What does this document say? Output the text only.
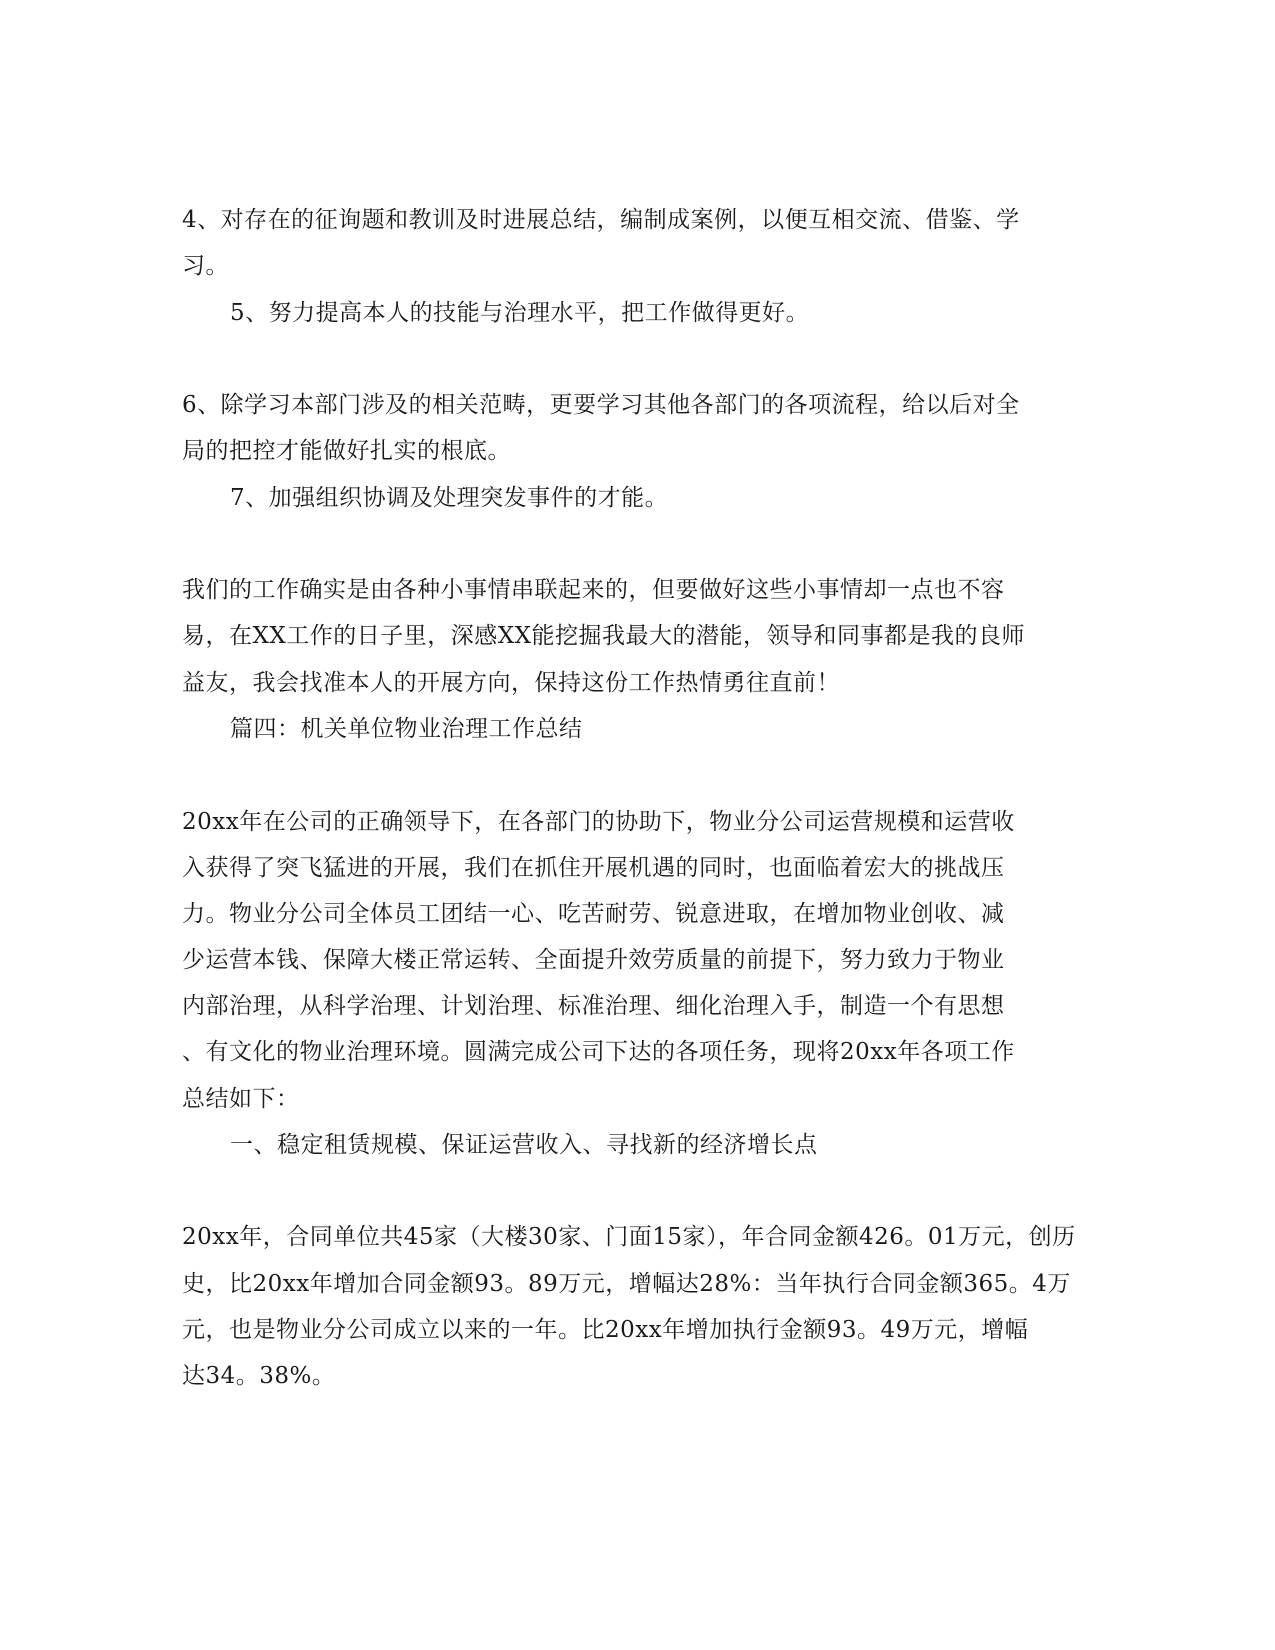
4、对存在的征询题和教训及时进展总结，编制成案例，以便互相交流、借鉴、学
习。
5、努力提高本人的技能与治理水平，把工作做得更好。
6、除学习本部门涉及的相关范畴，更要学习其他各部门的各项流程，给以后对全
局的把控才能做好扎实的根底。
7、加强组织协调及处理突发事件的才能。
我们的工作确实是由各种小事情串联起来的，但要做好这些小事情却一点也不容
易，在XX工作的日子里，深感XX能挖掘我最大的潜能，领导和同事都是我的良师
益友，我会找准本人的开展方向，保持这份工作热情勇往直前！
篇四：机关单位物业治理工作总结
20xx年在公司的正确领导下，在各部门的协助下，物业分公司运营规模和运营收
入获得了突飞猛进的开展，我们在抓住开展机遇的同时，也面临着宏大的挑战压
力。物业分公司全体员工团结一心、吃苦耐劳、锐意进取，在增加物业创收、减
少运营本钱、保障大楼正常运转、全面提升效劳质量的前提下，努力致力于物业
内部治理，从科学治理、计划治理、标准治理、细化治理入手，制造一个有思想
、有文化的物业治理环境。圆满完成公司下达的各项任务，现将20xx年各项工作
总结如下：
一、稳定租赁规模、保证运营收入、寻找新的经济增长点
20xx年，合同单位共45家（大楼30家、门面15家），年合同金额426。01万元，创历
史，比20xx年增加合同金额93。89万元，增幅达28%：当年执行合同金额365。4万
元，也是物业分公司成立以来的一年。比20xx年增加执行金额93。49万元，增幅
达34。38%。
